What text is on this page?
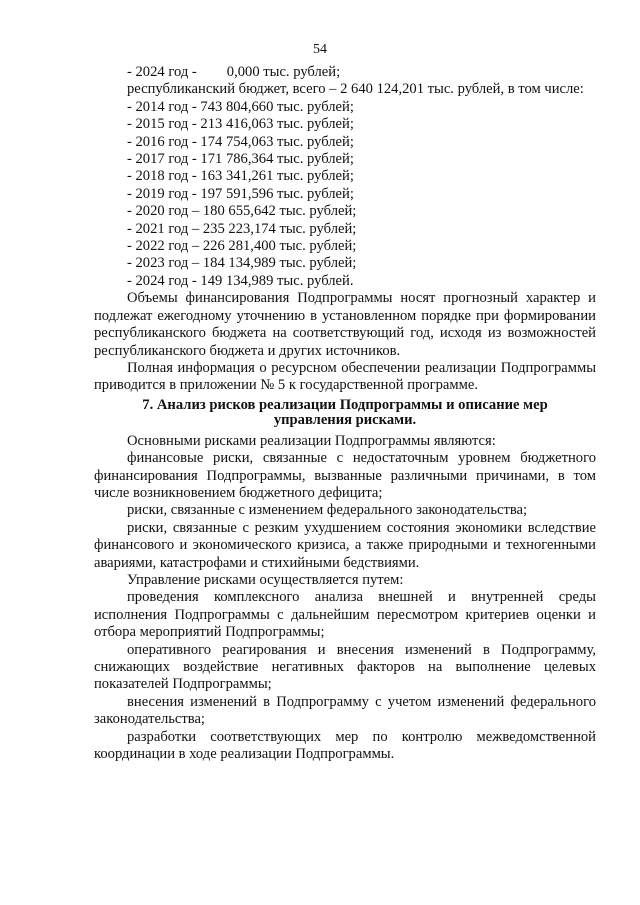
54
- 2024 год - 0,000 тыс. рублей;

республиканский бюджет, всего – 2 640 124,201 тыс. рублей, в том числе:

- 2014 год - 743 804,660 тыс. рублей;
- 2015 год - 213 416,063 тыс. рублей;
- 2016 год - 174 754,063 тыс. рублей;
- 2017 год - 171 786,364 тыс. рублей;
- 2018 год - 163 341,261 тыс. рублей;
- 2019 год - 197 591,596 тыс. рублей;
- 2020 год – 180 655,642 тыс. рублей;
- 2021 год – 235 223,174 тыс. рублей;
- 2022 год – 226 281,400 тыс. рублей;
- 2023 год – 184 134,989 тыс. рублей;
- 2024 год - 149 134,989 тыс. рублей.

Объемы финансирования Подпрограммы носят прогнозный характер и подлежат ежегодному уточнению в установленном порядке при формировании республиканского бюджета на соответствующий год, исходя из возможностей республиканского бюджета и других источников.

Полная информация о ресурсном обеспечении реализации Подпрограммы приводится в приложении № 5 к государственной программе.

7. Анализ рисков реализации Подпрограммы и описание мер
управления рисками.

Основными рисками реализации Подпрограммы являются:

финансовые риски, связанные с недостаточным уровнем бюджетного финансирования Подпрограммы, вызванные различными причинами, в том числе возникновением бюджетного дефицита;

риски, связанные с изменением федерального законодательства;

риски, связанные с резким ухудшением состояния экономики вследствие финансового и экономического кризиса, а также природными и техногенными авариями, катастрофами и стихийными бедствиями.

Управление рисками осуществляется путем:

проведения комплексного анализа внешней и внутренней среды исполнения Подпрограммы с дальнейшим пересмотром критериев оценки и отбора мероприятий Подпрограммы;

оперативного реагирования и внесения изменений в Подпрограмму, снижающих воздействие негативных факторов на выполнение целевых показателей Подпрограммы;

внесения изменений в Подпрограмму с учетом изменений федерального законодательства;

разработки соответствующих мер по контролю межведомственной координации в ходе реализации Подпрограммы.
